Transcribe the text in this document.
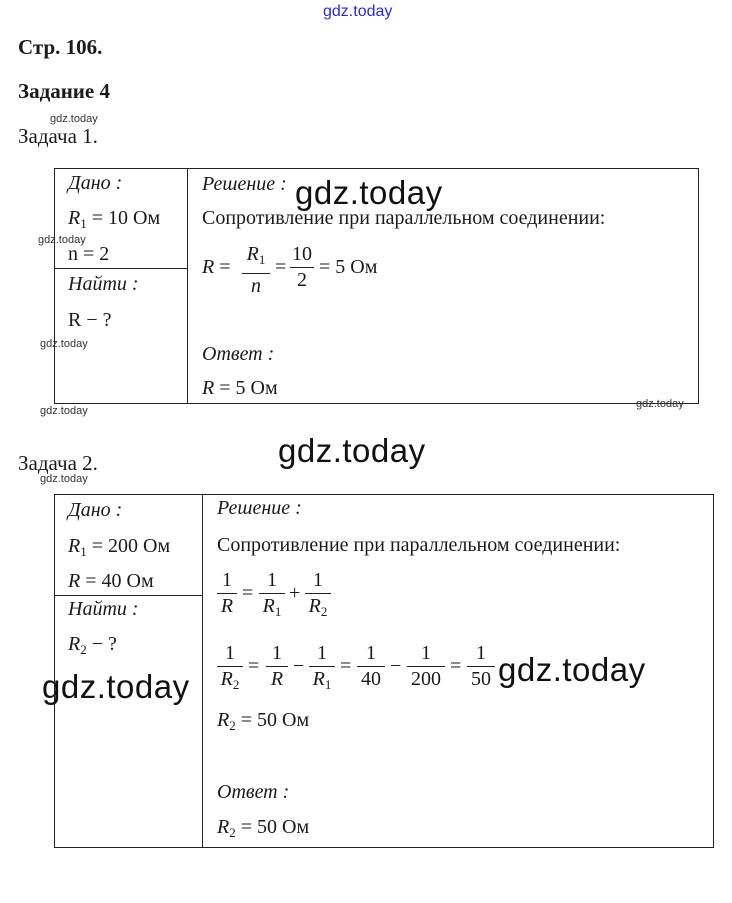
gdz.today
Стр. 106.
Задание 4
gdz.today
Задача 1.
Дано :
$R_1 = 10$ Ом
gdz.today
n = 2
Найти :
R − ?
gdz.today
Решение : gdz.today
Сопротивление при параллельном соединении:
R =
$R_1$
n
=
10
2
= 5 Ом
Ответ :
R = 5 Ом
gdz.today
gdz.today
gdz.today
Задача 2.
gdz.today
Дано :
$R_1 = 200$ Ом
R = 40 Ом
Найти :
$R_2$ − ?
gdz.today
Решение :
Сопротивление при параллельном соединении:
1
R
=
1
$R_1$
+
1
$R_2$
1
$R_2$
=
1
R
−
1
$R_1$
=
1
40
−
1
200
=
1
50 gdz.today
$R_2 = 50$ Ом
Ответ :
$R_2 = 50$ Ом
